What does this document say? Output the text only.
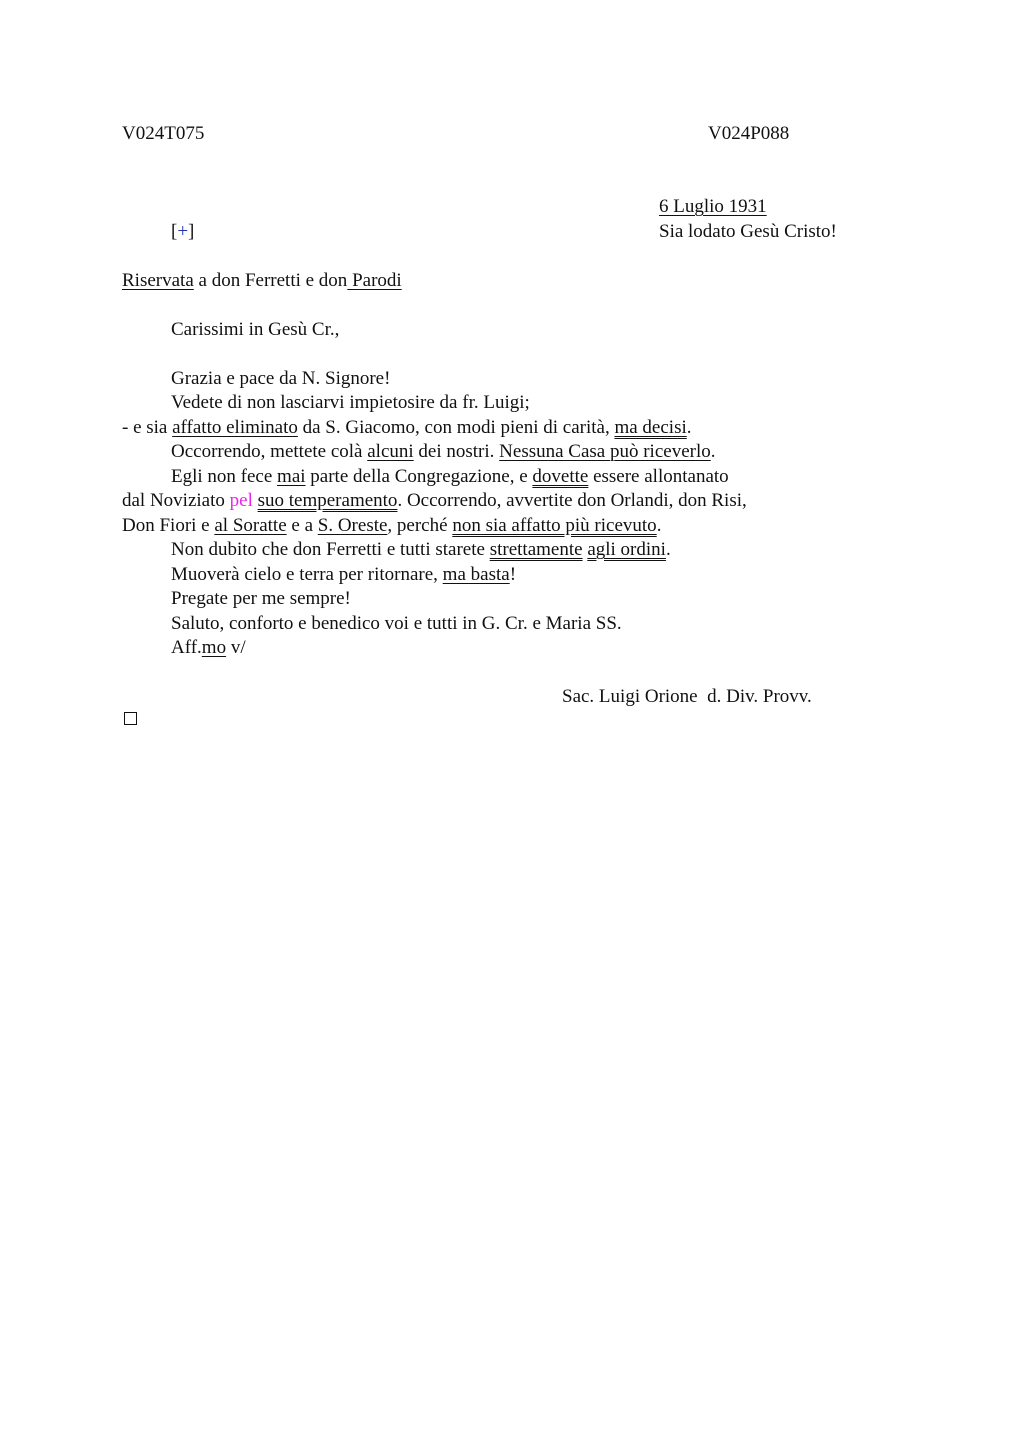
V024T075	V024P088
6 Luglio 1931
Sia lodato Gesù Cristo!
[+]
Riservata a don Ferretti e don Parodi
Carissimi in Gesù Cr.,
Grazia e pace da N. Signore!
Vedete di non lasciarvi impietosire da fr. Luigi;
- e sia affatto eliminato da S. Giacomo, con modi pieni di carità, ma decisi.
Occorrendo, mettete colà alcuni dei nostri. Nessuna Casa può riceverlo.
Egli non fece mai parte della Congregazione, e dovette essere allontanato
dal Noviziato pel suo temperamento. Occorrendo, avvertite don Orlandi, don Risi,
Don Fiori e al Soratte e a S. Oreste, perché non sia affatto più ricevuto.
Non dubito che don Ferretti e tutti starete strettamente agli ordini.
Muoverà cielo e terra per ritornare, ma basta!
Pregate per me sempre!
Saluto, conforto e benedico voi e tutti in G. Cr. e Maria SS.
Aff.mo v/
Sac. Luigi Orione  d. Div. Provv.
